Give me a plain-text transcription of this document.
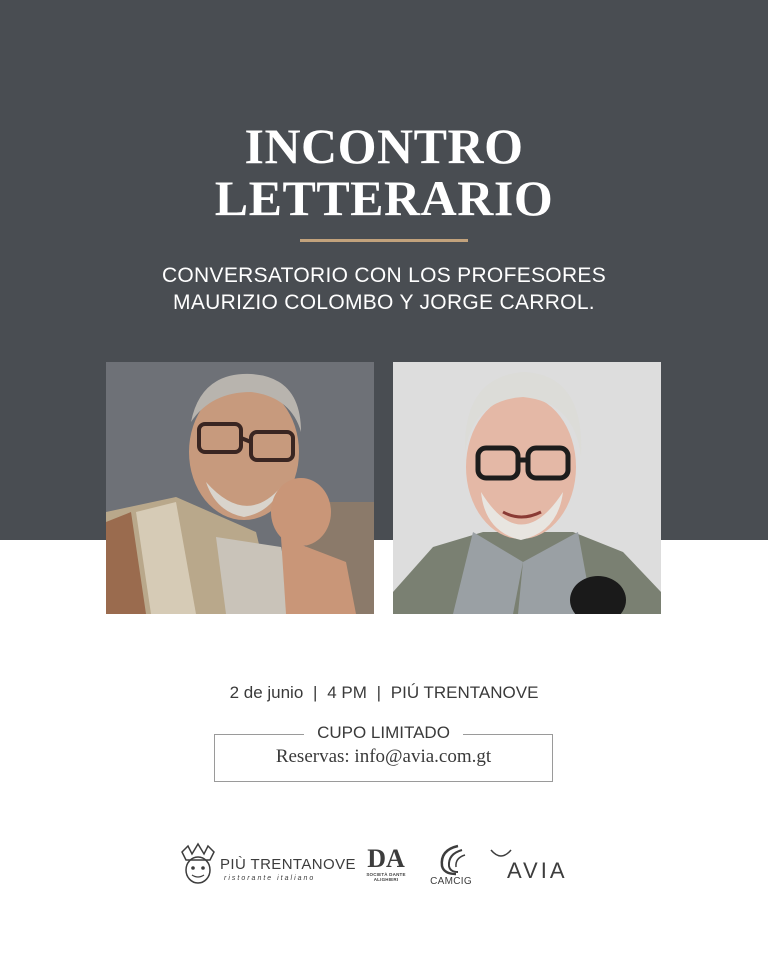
INCONTRO
LETTERARIO
CONVERSATORIO CON LOS PROFESORES
MAURIZIO COLOMBO Y JORGE CARROL.
2 de junio | 4 PM | PIÚ TRENTANOVE
CUPO LIMITADO
Reservas: info@avia.com.gt
PIÙ TRENTANOVE
ristorante italiano
DA
SOCIETÀ DANTE ALIGHIERI	CAMCIG	AVIA
